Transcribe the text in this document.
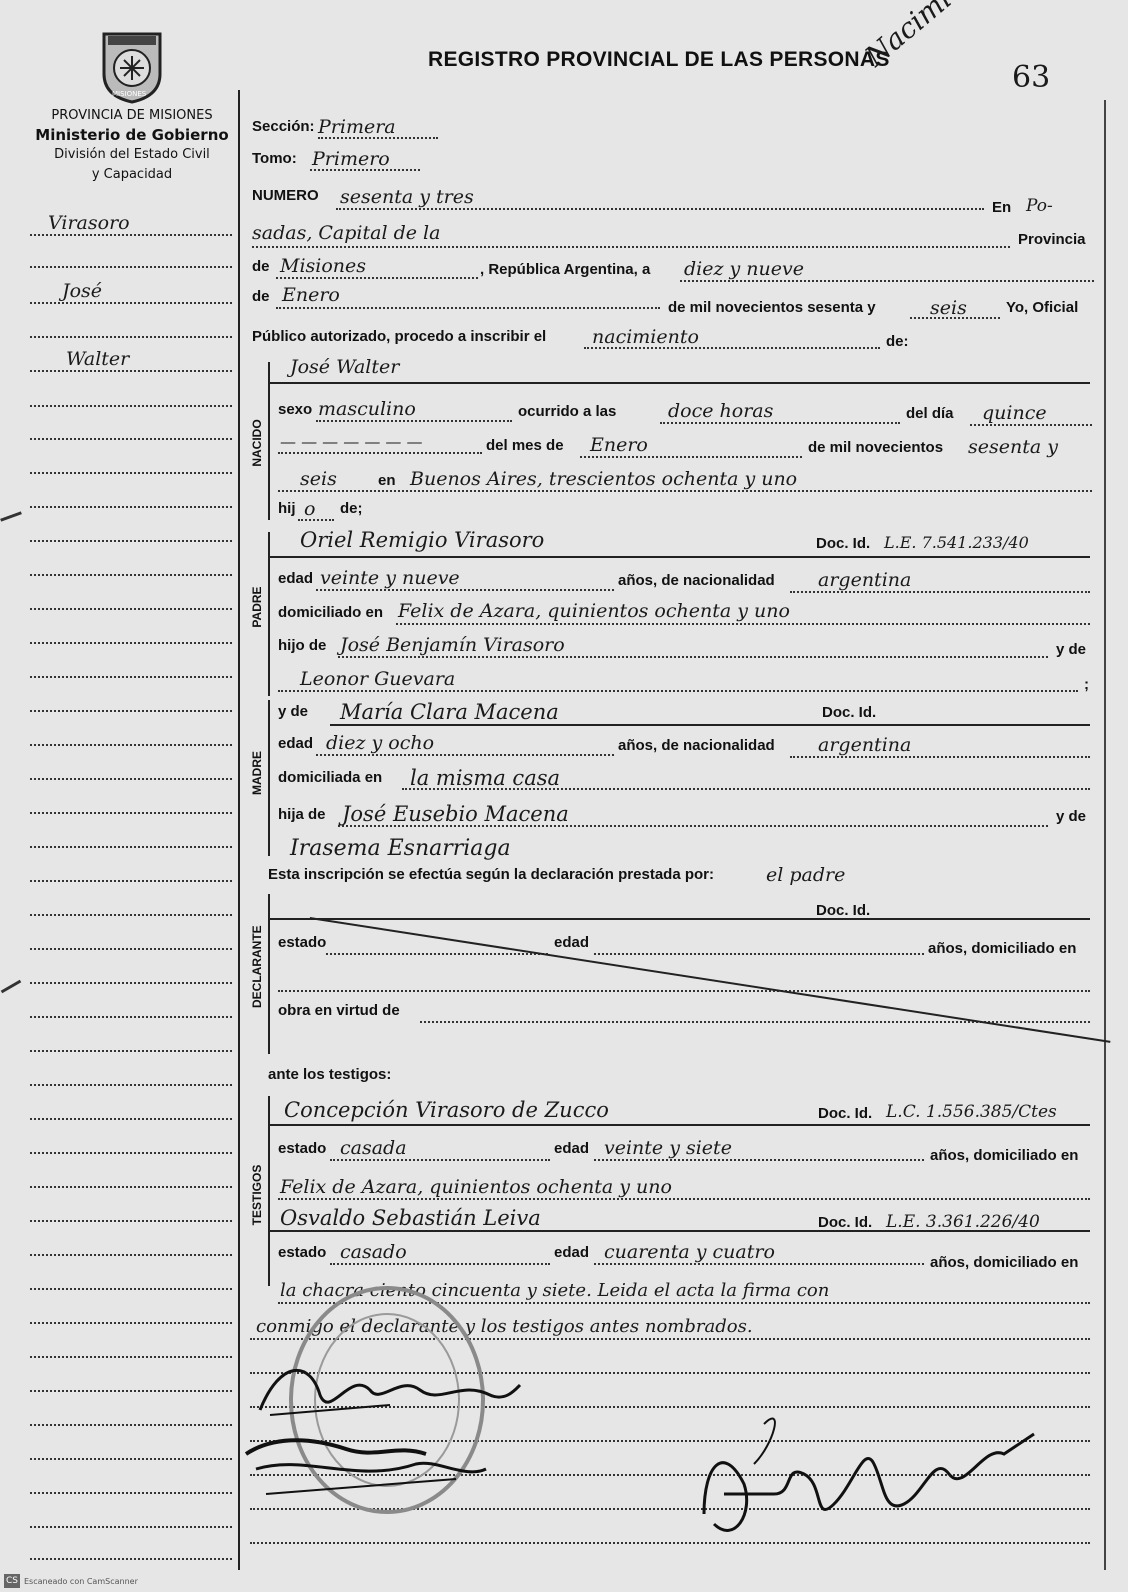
MISIONES
PROVINCIA DE MISIONES
Ministerio de Gobierno
División del Estado Civil
y Capacidad
REGISTRO PROVINCIAL DE LAS PERSONAS
63
Virasoro
José
Walter
Sección: Primera
Tomo: Primero
NUMERO sesenta y tres	En Po-
sadas, Capital de la	Provincia
de Misiones	, República Argentina, a diez y nueve
de Enero
de mil novecientos sesenta y	seis	Yo, Oficial
Público autorizado, procedo a inscribir el nacimiento	de:
NACIDO
José Walter
sexo masculino	ocurrido a las	doce horas	del día quince
— — — — — — —	del mes de Enero	de mil novecientos sesenta y
seis	en Buenos Aires, trescientos ochenta y uno
hij o de;
PADRE
Oriel Remigio Virasoro	Doc. Id. L.E. 7.541.233/40
edad veinte y nueve	años, de nacionalidad argentina
domiciliado en Felix de Azara, quinientos ochenta y uno
hijo de José Benjamín Virasoro	y de
Leonor Guevara	;
MADRE
y de María Clara Macena	Doc. Id.
edad diez y ocho	años, de nacionalidad argentina
domiciliada en la misma casa
hija de José Eusebio Macena	y de
Irasema Esnarriaga
Esta inscripción se efectúa según la declaración prestada por:	el padre
DECLARANTE
Doc. Id.
estado	edad	años, domiciliado en
obra en virtud de
ante los testigos:
TESTIGOS
Concepción Virasoro de Zucco	Doc. Id. L.C. 1.556.385/Ctes
estado casada	edad veinte y siete	años, domiciliado en
Felix de Azara, quinientos ochenta y uno
Osvaldo Sebastián Leiva	Doc. Id. L.E. 3.361.226/40
estado casado	edad cuarenta y cuatro	años, domiciliado en
la chacra ciento cincuenta y siete. Leida el acta la firma con
conmigo el declarante y los testigos antes nombrados.
CS Escaneado con CamScanner
